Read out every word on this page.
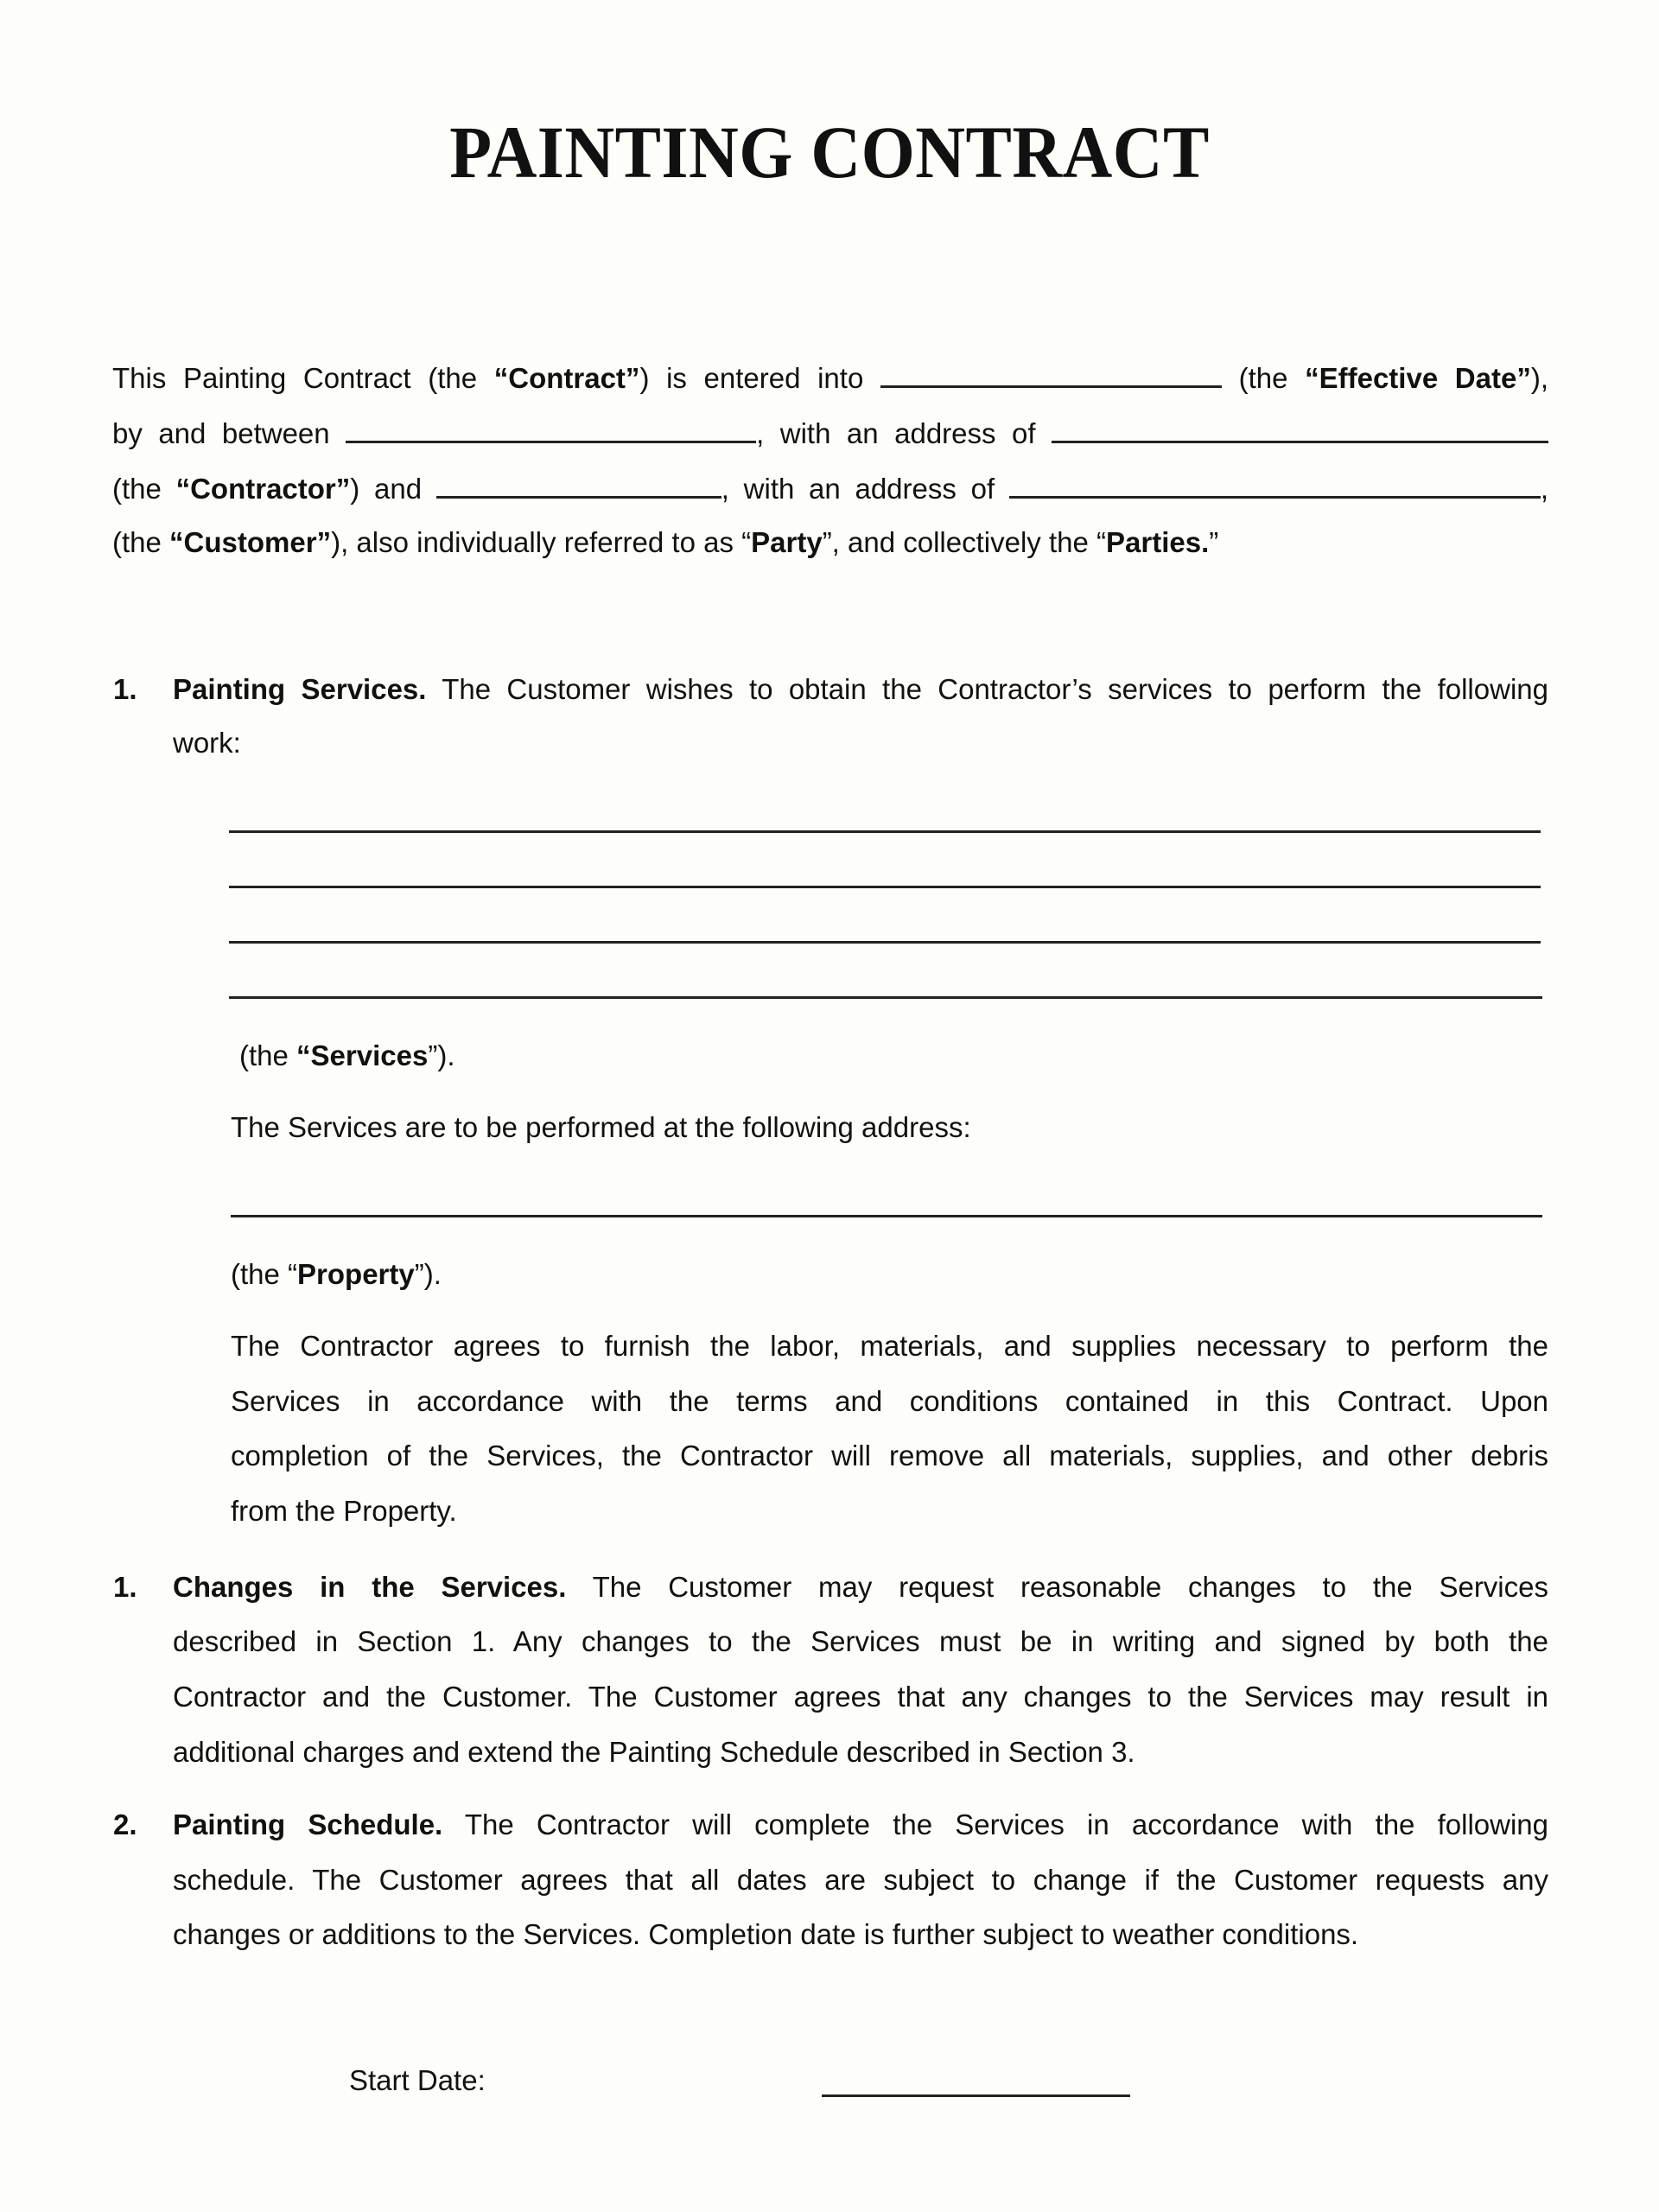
PAINTING CONTRACT
This Painting Contract (the “Contract”) is entered into	(the “Effective Date”),
by and between	, with an address of
(the “Contractor”) and	, with an address of	,
(the “Customer”), also individually referred to as “Party”, and collectively the “Parties.”
1. Painting Services. The Customer wishes to obtain the Contractor’s services to perform the following
work:
(the “Services”).
The Services are to be performed at the following address:
(the “Property”).
The Contractor agrees to furnish the labor, materials, and supplies necessary to perform the
Services in accordance with the terms and conditions contained in this Contract. Upon
completion of the Services, the Contractor will remove all materials, supplies, and other debris
from the Property.
1. Changes in the Services. The Customer may request reasonable changes to the Services
described in Section 1. Any changes to the Services must be in writing and signed by both the
Contractor and the Customer. The Customer agrees that any changes to the Services may result in
additional charges and extend the Painting Schedule described in Section 3.
2. Painting Schedule. The Contractor will complete the Services in accordance with the following
schedule. The Customer agrees that all dates are subject to change if the Customer requests any
changes or additions to the Services. Completion date is further subject to weather conditions.
Start Date:
